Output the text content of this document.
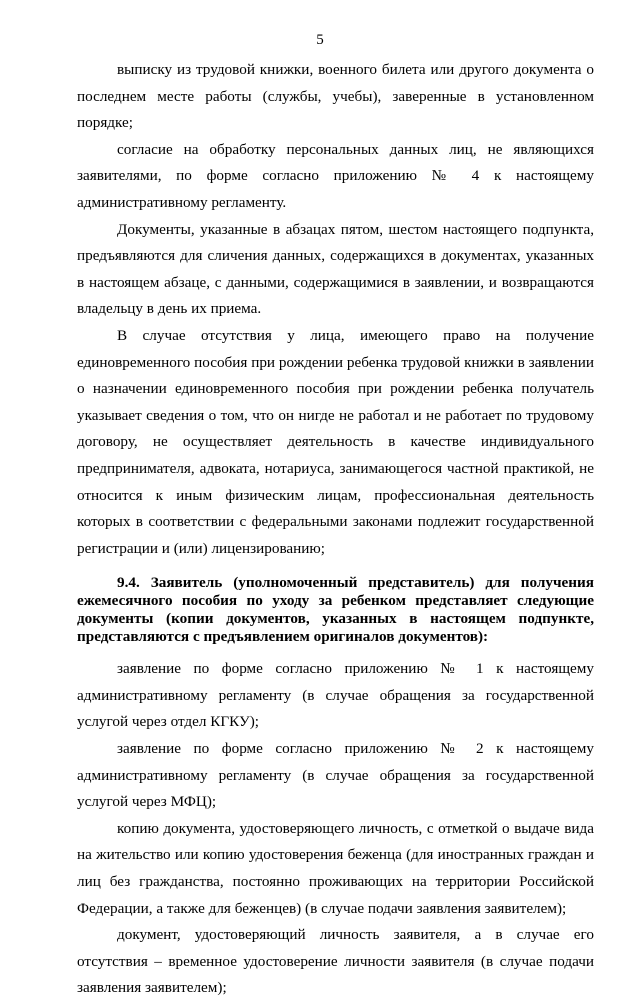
5

выписку из трудовой книжки, военного билета или другого документа о последнем месте работы (службы, учебы), заверенные в установленном порядке;

согласие на обработку персональных данных лиц, не являющихся заявителями, по форме согласно приложению № 4 к настоящему административному регламенту.

Документы, указанные в абзацах пятом, шестом настоящего подпункта, предъявляются для сличения данных, содержащихся в документах, указанных в настоящем абзаце, с данными, содержащимися в заявлении, и возвращаются владельцу в день их приема.

В случае отсутствия у лица, имеющего право на получение единовременного пособия при рождении ребенка трудовой книжки в заявлении о назначении единовременного пособия при рождении ребенка получатель указывает сведения о том, что он нигде не работал и не работает по трудовому договору, не осуществляет деятельность в качестве индивидуального предпринимателя, адвоката, нотариуса, занимающегося частной практикой, не относится к иным физическим лицам, профессиональная деятельность которых в соответствии с федеральными законами подлежит государственной регистрации и (или) лицензированию;

9.4. Заявитель (уполномоченный представитель) для получения ежемесячного пособия по уходу за ребенком представляет следующие документы (копии документов, указанных в настоящем подпункте, представляются с предъявлением оригиналов документов):

заявление по форме согласно приложению № 1 к настоящему административному регламенту (в случае обращения за государственной услугой через отдел КГКУ);

заявление по форме согласно приложению № 2 к настоящему административному регламенту (в случае обращения за государственной услугой через МФЦ);

копию документа, удостоверяющего личность, с отметкой о выдаче вида на жительство или копию удостоверения беженца (для иностранных граждан и лиц без гражданства, постоянно проживающих на территории Российской Федерации, а также для беженцев) (в случае подачи заявления заявителем);

документ, удостоверяющий личность заявителя, а в случае его отсутствия – временное удостоверение личности заявителя (в случае подачи заявления заявителем);
